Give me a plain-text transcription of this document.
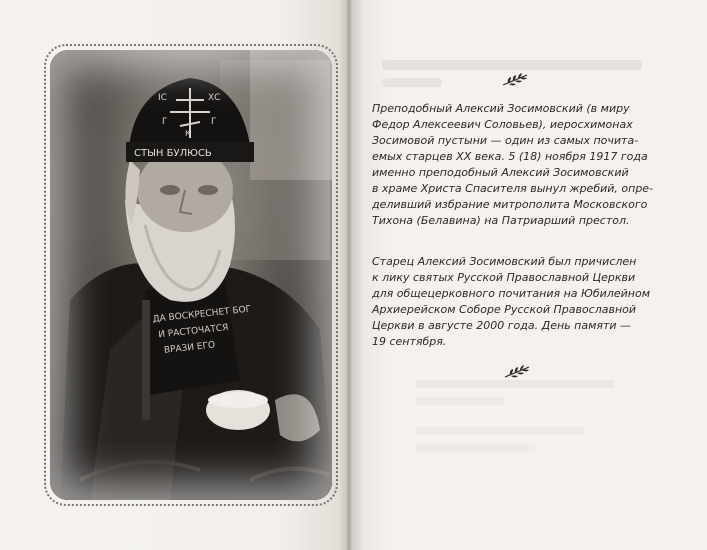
ІС	ХС
Г	Г
К
СТЫН БУЛЮСЬ
ДА ВОСКРЕСНЕТ БОГ
И РАСТОЧАТСЯ
ВРАЗИ ЕГО
Преподобный Алексий Зосимовский (в миру
Федор Алексеевич Соловьев), иеросхимонах
Зосимовой пустыни — один из самых почита-
емых старцев XX века. 5 (18) ноября 1917 года
именно преподобный Алексий Зосимовский
в храме Христа Спасителя вынул жребий, опре-
деливший избрание митрополита Московского
Тихона (Белавина) на Патриарший престол.
Старец Алексий Зосимовский был причислен
к лику святых Русской Православной Церкви
для общецерковного почитания на Юбилейном
Архиерейском Соборе Русской Православной
Церкви в августе 2000 года. День памяти —
19 сентября.
